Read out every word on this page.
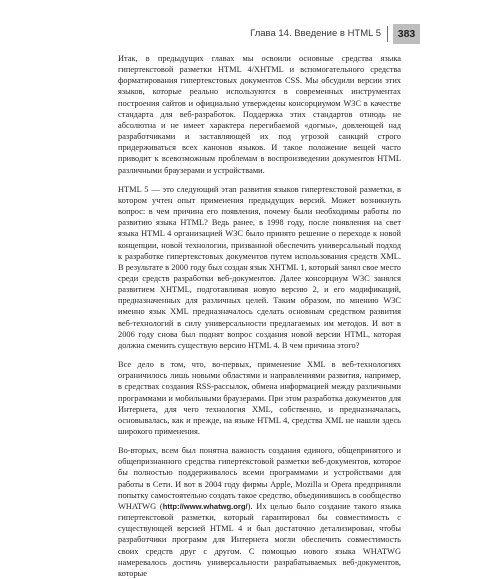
Глава 14. Введение в HTML 5	383

Итак, в предыдущих главах мы освоили основные средства языка гипертекстовой разметки HTML 4/XHTML и вспомогательного средства форматирования гипертекстовых документов CSS. Мы обсудили версии этих языков, которые реально используются в современных инструментах построения сайтов и официально утверждены консорциумом W3C в качестве стандарта для веб-разработок. Поддержка этих стандартов отнюдь не абсолютна и не имеет характера перегибаемой «догмы», довлеющей над разработчиками и заставляющей их под угрозой санкций строго придерживаться всех канонов языков. И такое положение вещей часто приводит к всевозможным проблемам в воспроизведении документов HTML различными браузерами и устройствами.

HTML 5 — это следующий этап развития языков гипертекстовой разметки, в котором учтен опыт применения предыдущих версий. Может возникнуть вопрос: в чем причина его появления, почему были необходимы работы по развитию языка HTML? Ведь ранее, в 1998 году, после появления на свет языка HTML 4 организацией W3C было принято решение о переходе к новой концепции, новой технологии, призванной обеспечить универсальный подход к разработке гипертекстовых документов путем использования средств XML. В результате в 2000 году был создан язык XHTML 1, который занял свое место среди средств разработки веб-документов. Далее консорциум W3C занялся развитием XHTML, подготавливая новую версию 2, и его модификаций, предназначенных для различных целей. Таким образом, по мнению W3C именно язык XML предназначалось сделать основным средством развития веб-технологий в силу универсальности предлагаемых им методов. И вот в 2006 году снова был поднят вопрос создания новой версии HTML, которая должна сменить существую версию HTML 4. В чем причина этого?

Все дело в том, что, во-первых, применение XML в веб-технологиях ограничилось лишь новыми областями и направлениями развития, например, в средствах создания RSS-рассылок, обмена информацией между различными программами и мобильными браузерами. При этом разработка документов для Интернета, для чего технология XML, собственно, и предназначалась, основывалась, как и прежде, на языке HTML 4, средства XML не нашли здесь широкого применения.

Во-вторых, всем был понятна важность создания единого, общепринятого и общепризнанного средства гипертекстовой разметки веб-документов, которое бы полностью поддерживалось всеми программами и устройствами для работы в Сети. И вот в 2004 году фирмы Apple, Mozilla и Opera предприняли попытку самостоятельно создать такое средство, объединившись в сообщество WHATWG (http://www.whatwg.org/). Их целью было создание такого языка гипертекстовой разметки, который гарантировал бы совместимость с существующей версией HTML 4 и был достаточно детализирован, чтобы разработчики программ для Интернета могли обеспечить совместимость своих средств друг с другом. С помощью нового языка WHATWG намеревалось достичь универсальности разрабатываемых веб-документов, которые
